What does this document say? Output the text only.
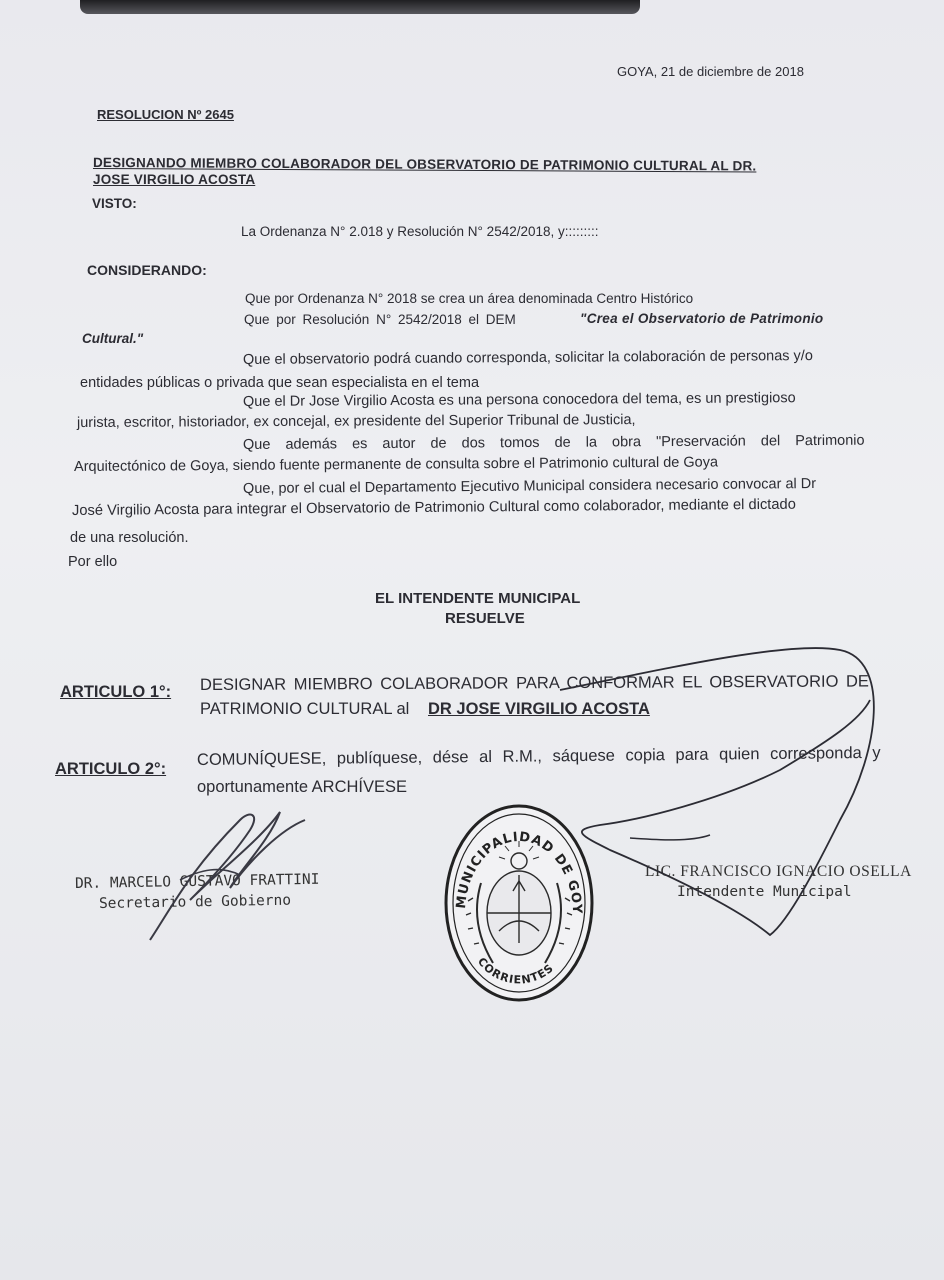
GOYA, 21 de diciembre de 2018
RESOLUCION Nº 2645
DESIGNANDO MIEMBRO COLABORADOR DEL OBSERVATORIO DE PATRIMONIO CULTURAL AL DR.
JOSE VIRGILIO ACOSTA
VISTO:
La Ordenanza N° 2.018 y Resolución N° 2542/2018, y:::::::::
CONSIDERANDO:
Que por Ordenanza N° 2018 se crea un área denominada Centro Histórico
Que por Resolución N° 2542/2018 el DEM	"Crea el Observatorio de Patrimonio
Cultural."
Que el observatorio podrá cuando corresponda, solicitar la colaboración de personas y/o
entidades públicas o privada que sean especialista en el tema
Que el Dr Jose Virgilio Acosta es una persona conocedora del tema, es un prestigioso
jurista, escritor, historiador, ex concejal, ex presidente del Superior Tribunal de Justicia,
Que además es autor de dos tomos de la obra "Preservación del Patrimonio
Arquitectónico de Goya, siendo fuente permanente de consulta sobre el Patrimonio cultural de Goya
Que, por el cual el Departamento Ejecutivo Municipal considera necesario convocar al Dr
José Virgilio Acosta para integrar el Observatorio de Patrimonio Cultural como colaborador, mediante el dictado
de una resolución.
Por ello
EL INTENDENTE MUNICIPAL
RESUELVE
ARTICULO 1°: DESIGNAR MIEMBRO COLABORADOR PARA CONFORMAR EL OBSERVATORIO DE
PATRIMONIO CULTURAL al DR JOSE VIRGILIO ACOSTA
ARTICULO 2°:
COMUNÍQUESE, publíquese, dése al R.M., sáquese copia para quien corresponda y
oportunamente ARCHÍVESE
DR. MARCELO GUSTAVO FRATTINI
Secretario de Gobierno
LIC. FRANCISCO IGNACIO OSELLA
Intendente Municipal
MUNICIPALIDAD DE GOY
CORRIENTES
